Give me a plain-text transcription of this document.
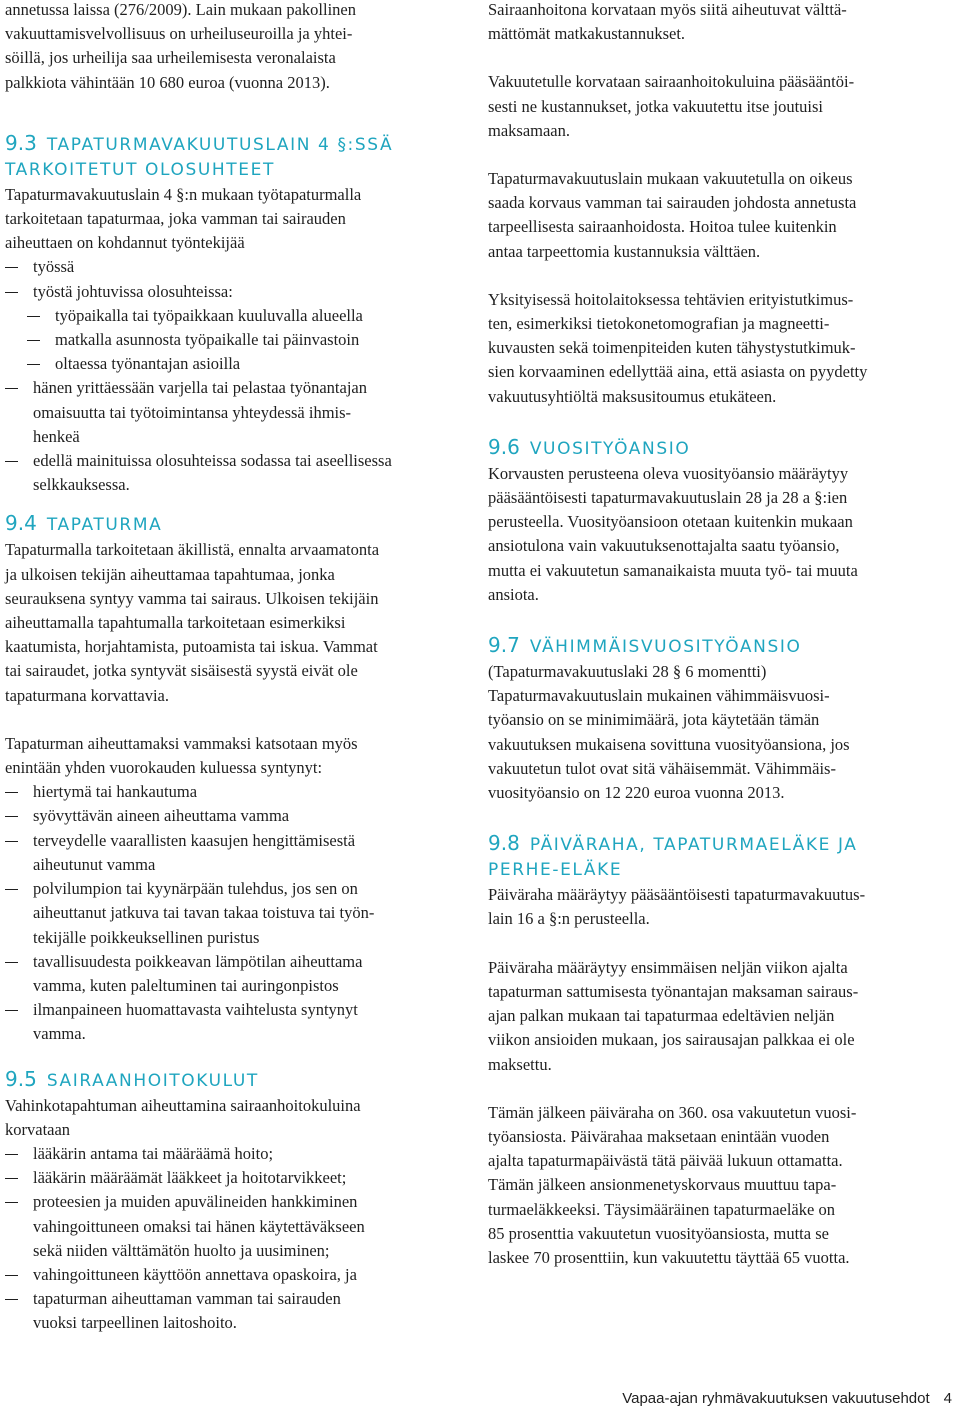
annetussa laissa (276/2009). Lain mukaan pakollinen
vakuuttamisvelvollisuus on urheiluseuroilla ja yhtei-
söillä, jos urheilija saa urheilemisesta veronalaista
palkkiota vähintään 10 680 euroa (vuonna 2013).

9.3 TAPATURMAVAKUUTUSLAIN 4 §:SSÄ
TARKOITETUT OLOSUHTEET

Tapaturmavakuutuslain 4 §:n mukaan työtapaturmalla
tarkoitetaan tapaturmaa, joka vamman tai sairauden
aiheuttaen on kohdannut työntekijää

työssä
työstä johtuvissa olosuhteissa:
työpaikalla tai työpaikkaan kuuluvalla alueella
matkalla asunnosta työpaikalle tai päinvastoin
oltaessa työnantajan asioilla
hänen yrittäessään varjella tai pelastaa työnantajan
omaisuutta tai työtoimintansa yhteydessä ihmis-
henkeä
edellä mainituissa olosuhteissa sodassa tai aseellisessa
selkkauksessa.
9.4 TAPATURMA

Tapaturmalla tarkoitetaan äkillistä, ennalta arvaamatonta
ja ulkoisen tekijän aiheuttamaa tapahtumaa, jonka
seurauksena syntyy vamma tai sairaus. Ulkoisen tekijäin
aiheuttamalla tapahtumalla tarkoitetaan esimerkiksi
kaatumista, horjahtamista, putoamista tai iskua. Vammat
tai sairaudet, jotka syntyvät sisäisestä syystä eivät ole
tapaturmana korvattavia.

Tapaturman aiheuttamaksi vammaksi katsotaan myös
enintään yhden vuorokauden kuluessa syntynyt:

hiertymä tai hankautuma
syövyttävän aineen aiheuttama vamma
terveydelle vaarallisten kaasujen hengittämisestä
aiheutunut vamma
polvilumpion tai kyynärpään tulehdus, jos sen on
aiheuttanut jatkuva tai tavan takaa toistuva tai työn-
tekijälle poikkeuksellinen puristus
tavallisuudesta poikkeavan lämpötilan aiheuttama
vamma, kuten paleltuminen tai auringonpistos
ilmanpaineen huomattavasta vaihtelusta syntynyt
vamma.
9.5 SAIRAANHOITOKULUT

Vahinkotapahtuman aiheuttamina sairaanhoitokuluina
korvataan

lääkärin antama tai määräämä hoito;
lääkärin määräämät lääkkeet ja hoitotarvikkeet;
proteesien ja muiden apuvälineiden hankkiminen
vahingoittuneen omaksi tai hänen käytettäväkseen
sekä niiden välttämätön huolto ja uusiminen;
vahingoittuneen käyttöön annettava opaskoira, ja
tapaturman aiheuttaman vamman tai sairauden
vuoksi tarpeellinen laitoshoito.

Sairaanhoitona korvataan myös siitä aiheutuvat välttä-
mättömät matkakustannukset.

Vakuutetulle korvataan sairaanhoitokuluina pääsääntöi-
sesti ne kustannukset, jotka vakuutettu itse joutuisi
maksamaan.

Tapaturmavakuutuslain mukaan vakuutetulla on oikeus
saada korvaus vamman tai sairauden johdosta annetusta
tarpeellisesta sairaanhoidosta. Hoitoa tulee kuitenkin
antaa tarpeettomia kustannuksia välttäen.

Yksityisessä hoitolaitoksessa tehtävien erityistutkimus-
ten, esimerkiksi tietokonetomografian ja magneetti-
kuvausten sekä toimenpiteiden kuten tähystystutkimuk-
sien korvaaminen edellyttää aina, että asiasta on pyydetty
vakuutusyhtiöltä maksusitoumus etukäteen.

9.6 VUOSITYÖANSIO

Korvausten perusteena oleva vuosityöansio määräytyy
pääsääntöisesti tapaturmavakuutuslain 28 ja 28 a §:ien
perusteella. Vuosityöansioon otetaan kuitenkin mukaan
ansiotulona vain vakuutuksenottajalta saatu työansio,
mutta ei vakuutetun samanaikaista muuta työ- tai muuta
ansiota.

9.7 VÄHIMMÄISVUOSITYÖANSIO

(Tapaturmavakuutuslaki 28 § 6 momentti)
Tapaturmavakuutuslain mukainen vähimmäisvuosi-
työansio on se minimimäärä, jota käytetään tämän
vakuutuksen mukaisena sovittuna vuosityöansiona, jos
vakuutetun tulot ovat sitä vähäisemmät. Vähimmäis-
vuosityöansio on 12 220 euroa vuonna 2013.

9.8 PÄIVÄRAHA, TAPATURMAELÄKE JA
PERHE-ELÄKE

Päiväraha määräytyy pääsääntöisesti tapaturmavakuutus-
lain 16 a §:n perusteella.

Päiväraha määräytyy ensimmäisen neljän viikon ajalta
tapaturman sattumisesta työnantajan maksaman sairaus-
ajan palkan mukaan tai tapaturmaa edeltävien neljän
viikon ansioiden mukaan, jos sairausajan palkkaa ei ole
maksettu.

Tämän jälkeen päiväraha on 360. osa vakuutetun vuosi-
työansiosta. Päivärahaa maksetaan enintään vuoden
ajalta tapaturmapäivästä tätä päivää lukuun ottamatta.
Tämän jälkeen ansionmenetyskorvaus muuttuu tapa-
turmaeläkkeeksi. Täysimääräinen tapaturmaeläke on
85 prosenttia vakuutetun vuosityöansiosta, mutta se
laskee 70 prosenttiin, kun vakuutettu täyttää 65 vuotta.

Vapaa-ajan ryhmävakuutuksen vakuutusehdot 4
